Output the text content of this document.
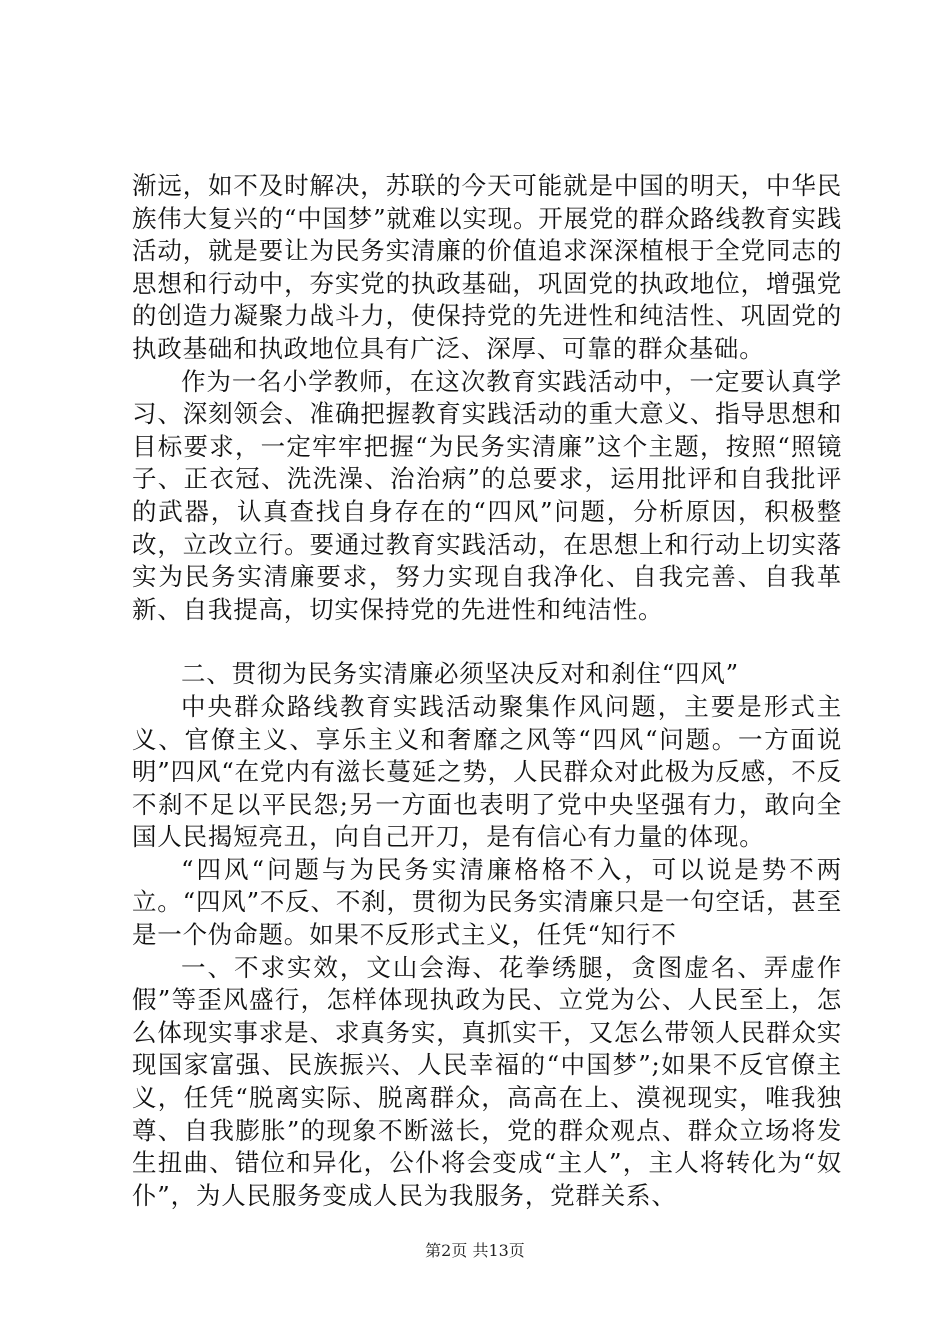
渐远，如不及时解决，苏联的今天可能就是中国的明天，中华民族伟大复兴的“中国梦”就难以实现。开展党的群众路线教育实践活动，就是要让为民务实清廉的价值追求深深植根于全党同志的思想和行动中，夯实党的执政基础，巩固党的执政地位，增强党的创造力凝聚力战斗力，使保持党的先进性和纯洁性、巩固党的执政基础和执政地位具有广泛、深厚、可靠的群众基础。

作为一名小学教师，在这次教育实践活动中，一定要认真学习、深刻领会、准确把握教育实践活动的重大意义、指导思想和目标要求，一定牢牢把握“为民务实清廉”这个主题，按照“照镜子、正衣冠、洗洗澡、治治病”的总要求，运用批评和自我批评的武器，认真查找自身存在的“四风”问题，分析原因，积极整改，立改立行。要通过教育实践活动，在思想上和行动上切实落实为民务实清廉要求，努力实现自我净化、自我完善、自我革新、自我提高，切实保持党的先进性和纯洁性。

二、贯彻为民务实清廉必须坚决反对和刹住“四风”

中央群众路线教育实践活动聚集作风问题，主要是形式主义、官僚主义、享乐主义和奢靡之风等“四风“问题。一方面说明”四风“在党内有滋长蔓延之势，人民群众对此极为反感，不反不刹不足以平民怨;另一方面也表明了党中央坚强有力，敢向全国人民揭短亮丑，向自己开刀，是有信心有力量的体现。

“四风“问题与为民务实清廉格格不入，可以说是势不两立。“四风”不反、不刹，贯彻为民务实清廉只是一句空话，甚至是一个伪命题。如果不反形式主义，任凭“知行不

一、不求实效，文山会海、花拳绣腿，贪图虚名、弄虚作假”等歪风盛行，怎样体现执政为民、立党为公、人民至上，怎么体现实事求是、求真务实，真抓实干，又怎么带领人民群众实现国家富强、民族振兴、人民幸福的“中国梦”;如果不反官僚主义，任凭“脱离实际、脱离群众，高高在上、漠视现实，唯我独尊、自我膨胀”的现象不断滋长，党的群众观点、群众立场将发生扭曲、错位和异化，公仆将会变成“主人”，主人将转化为“奴仆”，为人民服务变成人民为我服务，党群关系、

第2页 共13页
